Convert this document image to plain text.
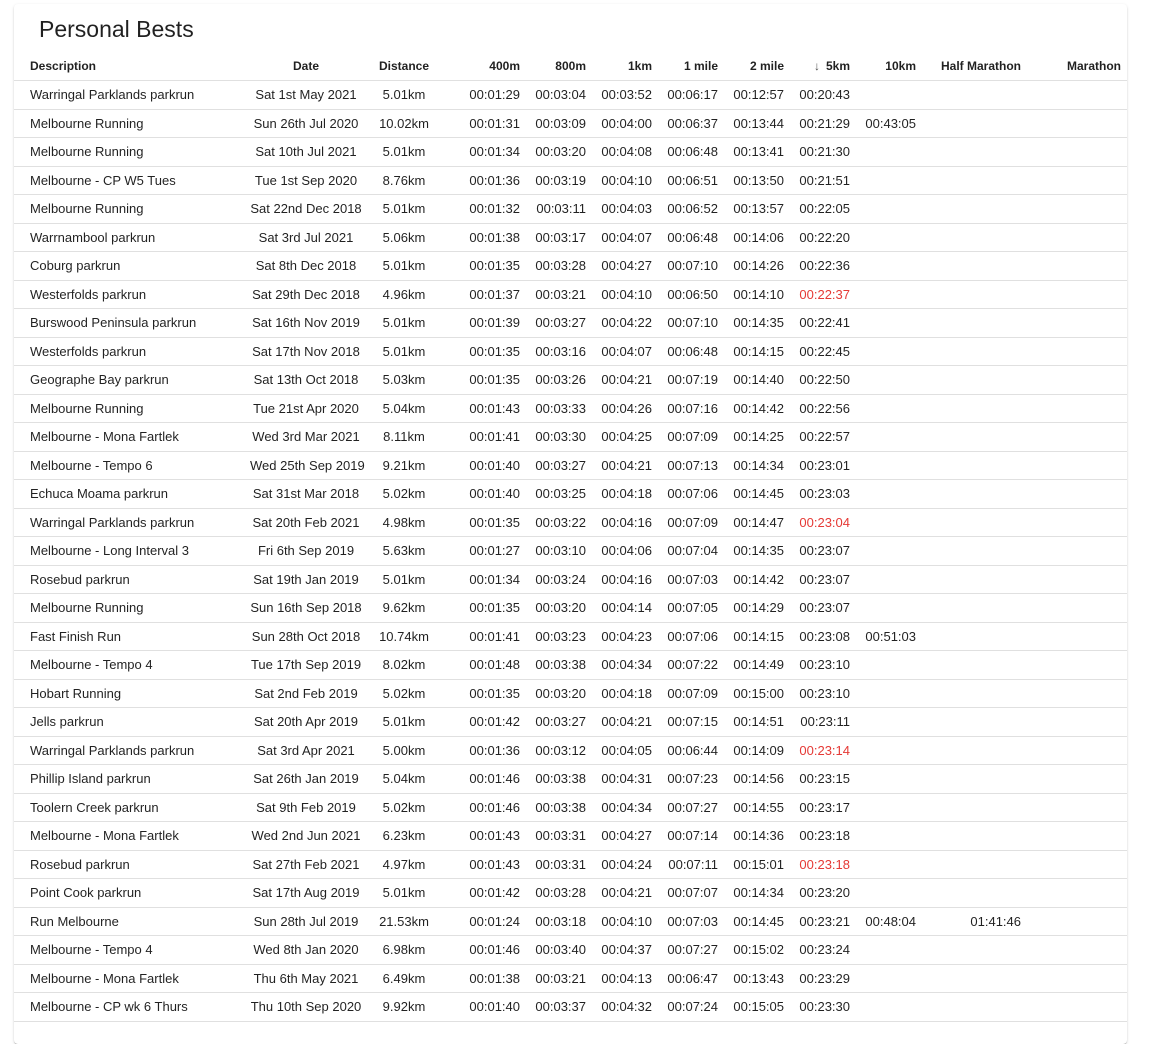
Personal Bests
Description	Date	Distance	400m	800m	1km	1 mile	2 mile	↓ 5km	10km	Half Marathon	Marathon
Warringal Parklands parkrun	Sat 1st May 2021	5.01km	00:01:29	00:03:04	00:03:52	00:06:17	00:12:57	00:20:43			
Melbourne Running	Sun 26th Jul 2020	10.02km	00:01:31	00:03:09	00:04:00	00:06:37	00:13:44	00:21:29	00:43:05		
Melbourne Running	Sat 10th Jul 2021	5.01km	00:01:34	00:03:20	00:04:08	00:06:48	00:13:41	00:21:30			
Melbourne - CP W5 Tues	Tue 1st Sep 2020	8.76km	00:01:36	00:03:19	00:04:10	00:06:51	00:13:50	00:21:51			
Melbourne Running	Sat 22nd Dec 2018	5.01km	00:01:32	00:03:11	00:04:03	00:06:52	00:13:57	00:22:05			
Warrnambool parkrun	Sat 3rd Jul 2021	5.06km	00:01:38	00:03:17	00:04:07	00:06:48	00:14:06	00:22:20			
Coburg parkrun	Sat 8th Dec 2018	5.01km	00:01:35	00:03:28	00:04:27	00:07:10	00:14:26	00:22:36			
Westerfolds parkrun	Sat 29th Dec 2018	4.96km	00:01:37	00:03:21	00:04:10	00:06:50	00:14:10	00:22:37			
Burswood Peninsula parkrun	Sat 16th Nov 2019	5.01km	00:01:39	00:03:27	00:04:22	00:07:10	00:14:35	00:22:41			
Westerfolds parkrun	Sat 17th Nov 2018	5.01km	00:01:35	00:03:16	00:04:07	00:06:48	00:14:15	00:22:45			
Geographe Bay parkrun	Sat 13th Oct 2018	5.03km	00:01:35	00:03:26	00:04:21	00:07:19	00:14:40	00:22:50			
Melbourne Running	Tue 21st Apr 2020	5.04km	00:01:43	00:03:33	00:04:26	00:07:16	00:14:42	00:22:56			
Melbourne - Mona Fartlek	Wed 3rd Mar 2021	8.11km	00:01:41	00:03:30	00:04:25	00:07:09	00:14:25	00:22:57			
Melbourne - Tempo 6	Wed 25th Sep 2019	9.21km	00:01:40	00:03:27	00:04:21	00:07:13	00:14:34	00:23:01			
Echuca Moama parkrun	Sat 31st Mar 2018	5.02km	00:01:40	00:03:25	00:04:18	00:07:06	00:14:45	00:23:03			
Warringal Parklands parkrun	Sat 20th Feb 2021	4.98km	00:01:35	00:03:22	00:04:16	00:07:09	00:14:47	00:23:04			
Melbourne - Long Interval 3	Fri 6th Sep 2019	5.63km	00:01:27	00:03:10	00:04:06	00:07:04	00:14:35	00:23:07			
Rosebud parkrun	Sat 19th Jan 2019	5.01km	00:01:34	00:03:24	00:04:16	00:07:03	00:14:42	00:23:07			
Melbourne Running	Sun 16th Sep 2018	9.62km	00:01:35	00:03:20	00:04:14	00:07:05	00:14:29	00:23:07			
Fast Finish Run	Sun 28th Oct 2018	10.74km	00:01:41	00:03:23	00:04:23	00:07:06	00:14:15	00:23:08	00:51:03		
Melbourne - Tempo 4	Tue 17th Sep 2019	8.02km	00:01:48	00:03:38	00:04:34	00:07:22	00:14:49	00:23:10			
Hobart Running	Sat 2nd Feb 2019	5.02km	00:01:35	00:03:20	00:04:18	00:07:09	00:15:00	00:23:10			
Jells parkrun	Sat 20th Apr 2019	5.01km	00:01:42	00:03:27	00:04:21	00:07:15	00:14:51	00:23:11			
Warringal Parklands parkrun	Sat 3rd Apr 2021	5.00km	00:01:36	00:03:12	00:04:05	00:06:44	00:14:09	00:23:14			
Phillip Island parkrun	Sat 26th Jan 2019	5.04km	00:01:46	00:03:38	00:04:31	00:07:23	00:14:56	00:23:15			
Toolern Creek parkrun	Sat 9th Feb 2019	5.02km	00:01:46	00:03:38	00:04:34	00:07:27	00:14:55	00:23:17			
Melbourne - Mona Fartlek	Wed 2nd Jun 2021	6.23km	00:01:43	00:03:31	00:04:27	00:07:14	00:14:36	00:23:18			
Rosebud parkrun	Sat 27th Feb 2021	4.97km	00:01:43	00:03:31	00:04:24	00:07:11	00:15:01	00:23:18			
Point Cook parkrun	Sat 17th Aug 2019	5.01km	00:01:42	00:03:28	00:04:21	00:07:07	00:14:34	00:23:20			
Run Melbourne	Sun 28th Jul 2019	21.53km	00:01:24	00:03:18	00:04:10	00:07:03	00:14:45	00:23:21	00:48:04	01:41:46	
Melbourne - Tempo 4	Wed 8th Jan 2020	6.98km	00:01:46	00:03:40	00:04:37	00:07:27	00:15:02	00:23:24			
Melbourne - Mona Fartlek	Thu 6th May 2021	6.49km	00:01:38	00:03:21	00:04:13	00:06:47	00:13:43	00:23:29			
Melbourne - CP wk 6 Thurs	Thu 10th Sep 2020	9.92km	00:01:40	00:03:37	00:04:32	00:07:24	00:15:05	00:23:30			
